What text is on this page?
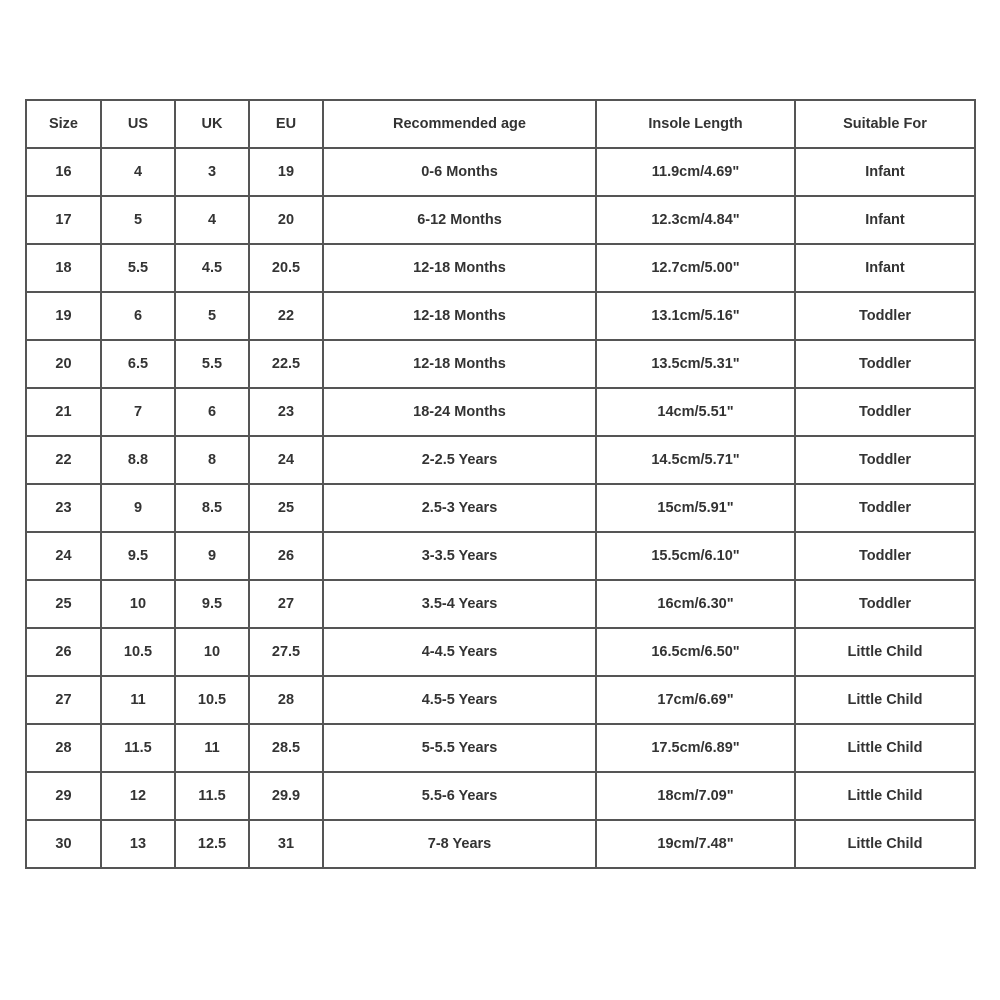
Size	US	UK	EU	Recommended age	Insole Length	Suitable For
16	4	3	19	0-6 Months	11.9cm/4.69"	Infant
17	5	4	20	6-12 Months	12.3cm/4.84"	Infant
18	5.5	4.5	20.5	12-18 Months	12.7cm/5.00"	Infant
19	6	5	22	12-18 Months	13.1cm/5.16"	Toddler
20	6.5	5.5	22.5	12-18 Months	13.5cm/5.31"	Toddler
21	7	6	23	18-24 Months	14cm/5.51"	Toddler
22	8.8	8	24	2-2.5 Years	14.5cm/5.71"	Toddler
23	9	8.5	25	2.5-3 Years	15cm/5.91"	Toddler
24	9.5	9	26	3-3.5 Years	15.5cm/6.10"	Toddler
25	10	9.5	27	3.5-4 Years	16cm/6.30"	Toddler
26	10.5	10	27.5	4-4.5 Years	16.5cm/6.50"	Little Child
27	11	10.5	28	4.5-5 Years	17cm/6.69"	Little Child
28	11.5	11	28.5	5-5.5 Years	17.5cm/6.89"	Little Child
29	12	11.5	29.9	5.5-6 Years	18cm/7.09"	Little Child
30	13	12.5	31	7-8 Years	19cm/7.48"	Little Child
